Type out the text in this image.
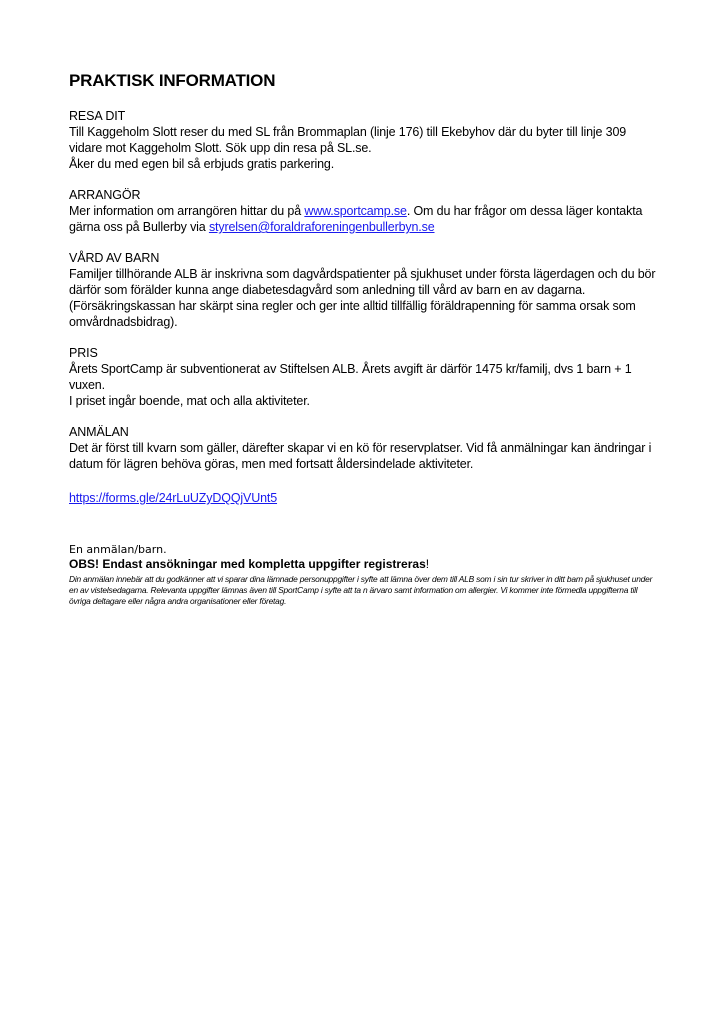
PRAKTISK INFORMATION

RESA DIT

Till Kaggeholm Slott reser du med SL från Brommaplan (linje 176) till Ekebyhov där du byter till linje 309 vidare mot Kaggeholm Slott. Sök upp din resa på SL.se.

Åker du med egen bil så erbjuds gratis parkering.

ARRANGÖR

Mer information om arrangören hittar du på www.sportcamp.se. Om du har frågor om dessa läger kontakta gärna oss på Bullerby via styrelsen@foraldraforeningenbullerbyn.se

VÅRD AV BARN

Familjer tillhörande ALB är inskrivna som dagvårdspatienter på sjukhuset under första lägerdagen och du bör därför som förälder kunna ange diabetesdagvård som anledning till vård av barn en av dagarna.

(Försäkringskassan har skärpt sina regler och ger inte alltid tillfällig föräldrapenning för samma orsak som omvårdnadsbidrag).

PRIS

Årets SportCamp är subventionerat av Stiftelsen ALB. Årets avgift är därför 1475 kr/familj, dvs 1 barn + 1 vuxen.

I priset ingår boende, mat och alla aktiviteter.

ANMÄLAN

Det är först till kvarn som gäller, därefter skapar vi en kö för reservplatser. Vid få anmälningar kan ändringar i datum för lägren behöva göras, men med fortsatt åldersindelade aktiviteter.

https://forms.gle/24rLuUZyDQQjVUnt5

En anmälan/barn.

OBS! Endast ansökningar med kompletta uppgifter registreras!

Din anmälan innebär att du godkänner att vi sparar dina lämnade personuppgifter i syfte att lämna över dem till ALB som i sin tur skriver in ditt barn på sjukhuset under en av vistelsedagarna. Relevanta uppgifter lämnas även till SportCamp i syfte att ta n ärvaro samt information om allergier. Vi kommer inte förmedla uppgifterna till övriga deltagare eller några andra organisationer eller företag.
